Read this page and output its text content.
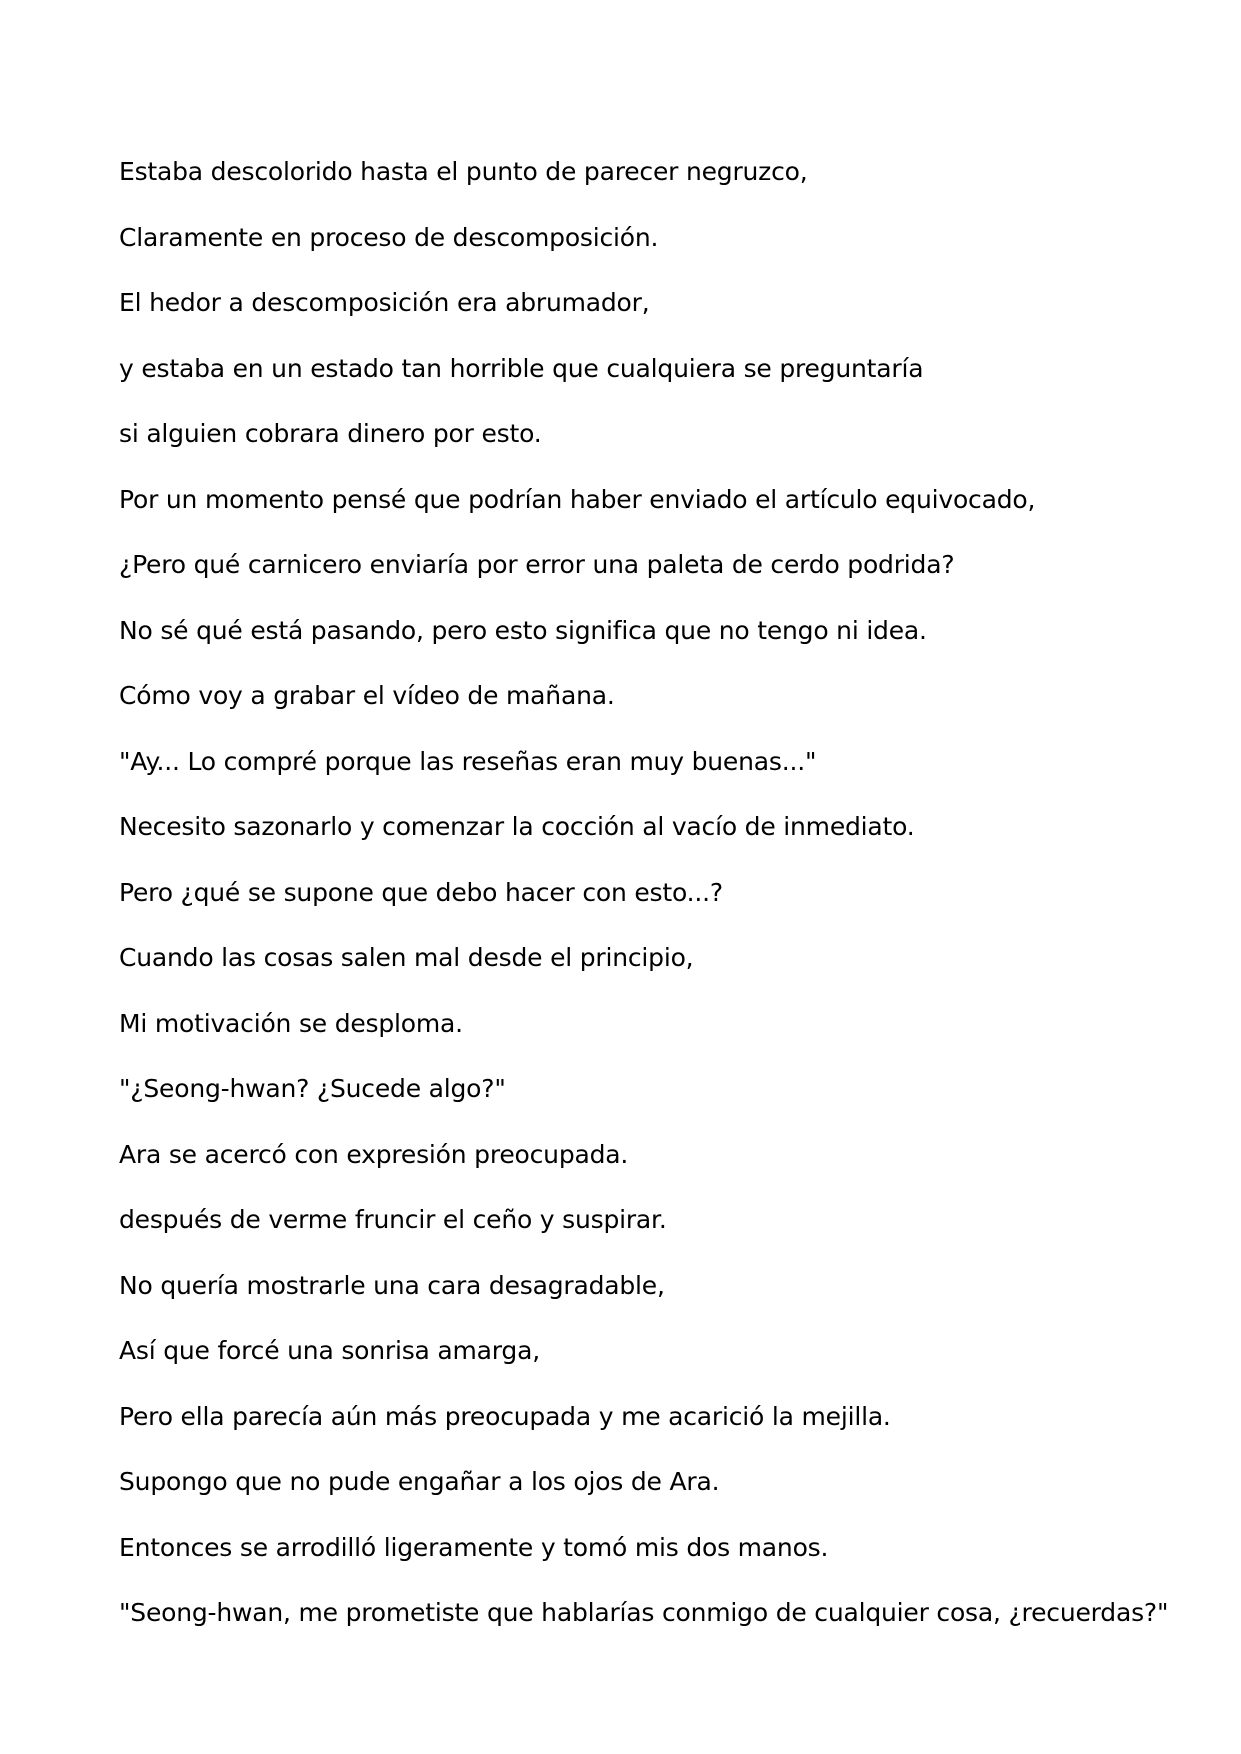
Estaba descolorido hasta el punto de parecer negruzco,
Claramente en proceso de descomposición.
El hedor a descomposición era abrumador,
y estaba en un estado tan horrible que cualquiera se preguntaría
si alguien cobrara dinero por esto.
Por un momento pensé que podrían haber enviado el artículo equivocado,
¿Pero qué carnicero enviaría por error una paleta de cerdo podrida?
No sé qué está pasando, pero esto significa que no tengo ni idea.
Cómo voy a grabar el vídeo de mañana.
"Ay... Lo compré porque las reseñas eran muy buenas..."
Necesito sazonarlo y comenzar la cocción al vacío de inmediato.
Pero ¿qué se supone que debo hacer con esto...?
Cuando las cosas salen mal desde el principio,
Mi motivación se desploma.
"¿Seong-hwan? ¿Sucede algo?"
Ara se acercó con expresión preocupada.
después de verme fruncir el ceño y suspirar.
No quería mostrarle una cara desagradable,
Así que forcé una sonrisa amarga,
Pero ella parecía aún más preocupada y me acarició la mejilla.
Supongo que no pude engañar a los ojos de Ara.
Entonces se arrodilló ligeramente y tomó mis dos manos.
"Seong-hwan, me prometiste que hablarías conmigo de cualquier cosa, ¿recuerdas?"
